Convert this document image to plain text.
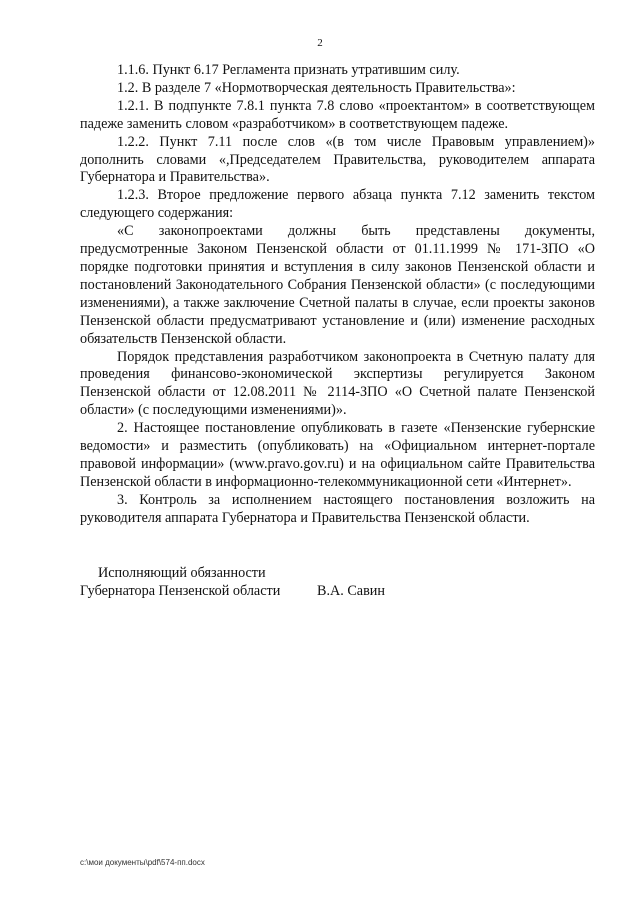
2

1.1.6. Пункт 6.17 Регламента признать утратившим силу.

1.2. В разделе 7 «Нормотворческая деятельность Правительства»:

1.2.1. В подпункте 7.8.1 пункта 7.8 слово «проектантом» в соответствующем падеже заменить словом «разработчиком» в соответствующем падеже.

1.2.2. Пункт 7.11 после слов «(в том числе Правовым управлением)» дополнить словами «,Председателем Правительства, руководителем аппарата Губернатора и Правительства».

1.2.3. Второе предложение первого абзаца пункта 7.12 заменить текстом следующего содержания:

«С законопроектами должны быть представлены документы, предусмотренные Законом Пензенской области от 01.11.1999 № 171-ЗПО «О порядке подготовки принятия и вступления в силу законов Пензенской области и постановлений Законодательного Собрания Пензенской области» (с последующими изменениями), а также заключение Счетной палаты в случае, если проекты законов Пензенской области предусматривают установление и (или) изменение расходных обязательств Пензенской области.

Порядок представления разработчиком законопроекта в Счетную палату для проведения финансово-экономической экспертизы регулируется Законом Пензенской области от 12.08.2011 № 2114-ЗПО «О Счетной палате Пензенской области» (с последующими изменениями)».

2. Настоящее постановление опубликовать в газете «Пензенские губернские ведомости» и разместить (опубликовать) на «Официальном интернет-портале правовой информации» (www.pravo.gov.ru) и на официальном сайте Правительства Пензенской области в информационно-телекоммуникационной сети «Интернет».

3. Контроль за исполнением настоящего постановления возложить на руководителя аппарата Губернатора и Правительства Пензенской области.

Исполняющий обязанности
Губернатора Пензенской области	В.А. Савин
c:\мои документы\pdf\574-пп.docx
